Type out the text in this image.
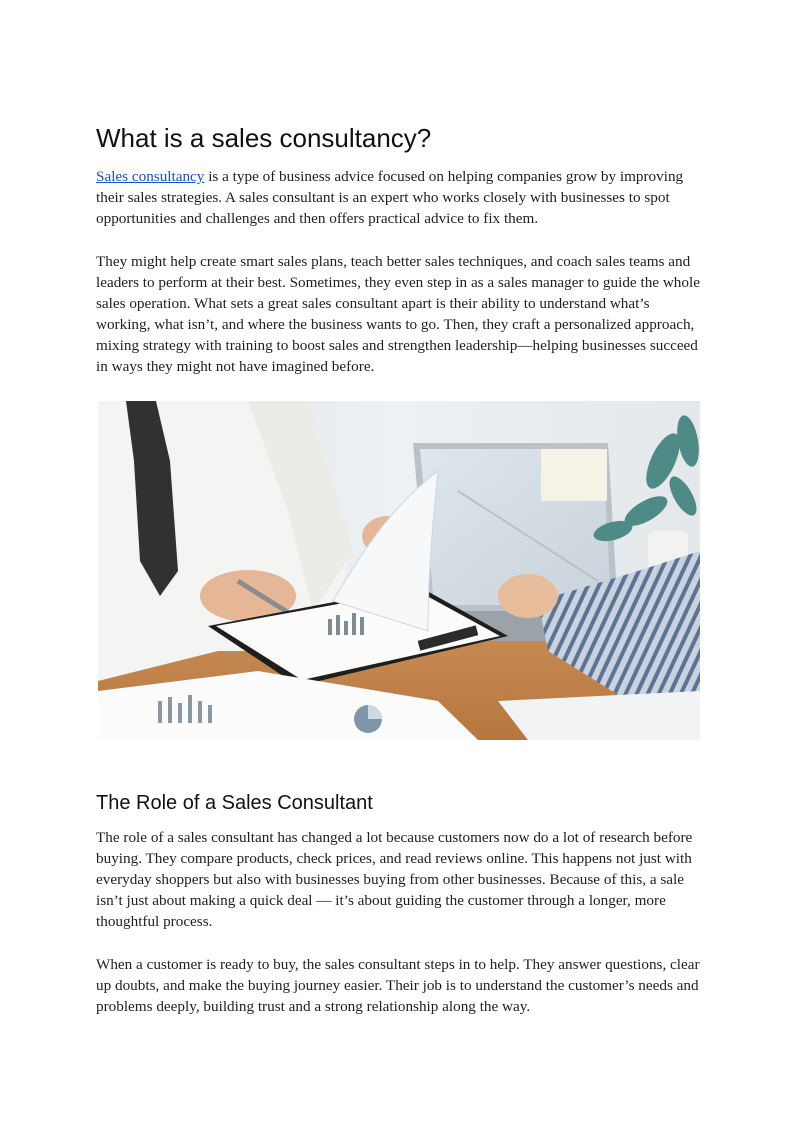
What is a sales consultancy?

Sales consultancy is a type of business advice focused on helping companies grow by improving their sales strategies. A sales consultant is an expert who works closely with businesses to spot opportunities and challenges and then offers practical advice to fix them.

They might help create smart sales plans, teach better sales techniques, and coach sales teams and leaders to perform at their best. Sometimes, they even step in as a sales manager to guide the whole sales operation. What sets a great sales consultant apart is their ability to understand what’s working, what isn’t, and where the business wants to go. Then, they craft a personalized approach, mixing strategy with training to boost sales and strengthen leadership—helping businesses succeed in ways they might not have imagined before.

The Role of a Sales Consultant

The role of a sales consultant has changed a lot because customers now do a lot of research before buying. They compare products, check prices, and read reviews online. This happens not just with everyday shoppers but also with businesses buying from other businesses. Because of this, a sale isn’t just about making a quick deal — it’s about guiding the customer through a longer, more thoughtful process.

When a customer is ready to buy, the sales consultant steps in to help. They answer questions, clear up doubts, and make the buying journey easier. Their job is to understand the customer’s needs and problems deeply, building trust and a strong relationship along the way.
